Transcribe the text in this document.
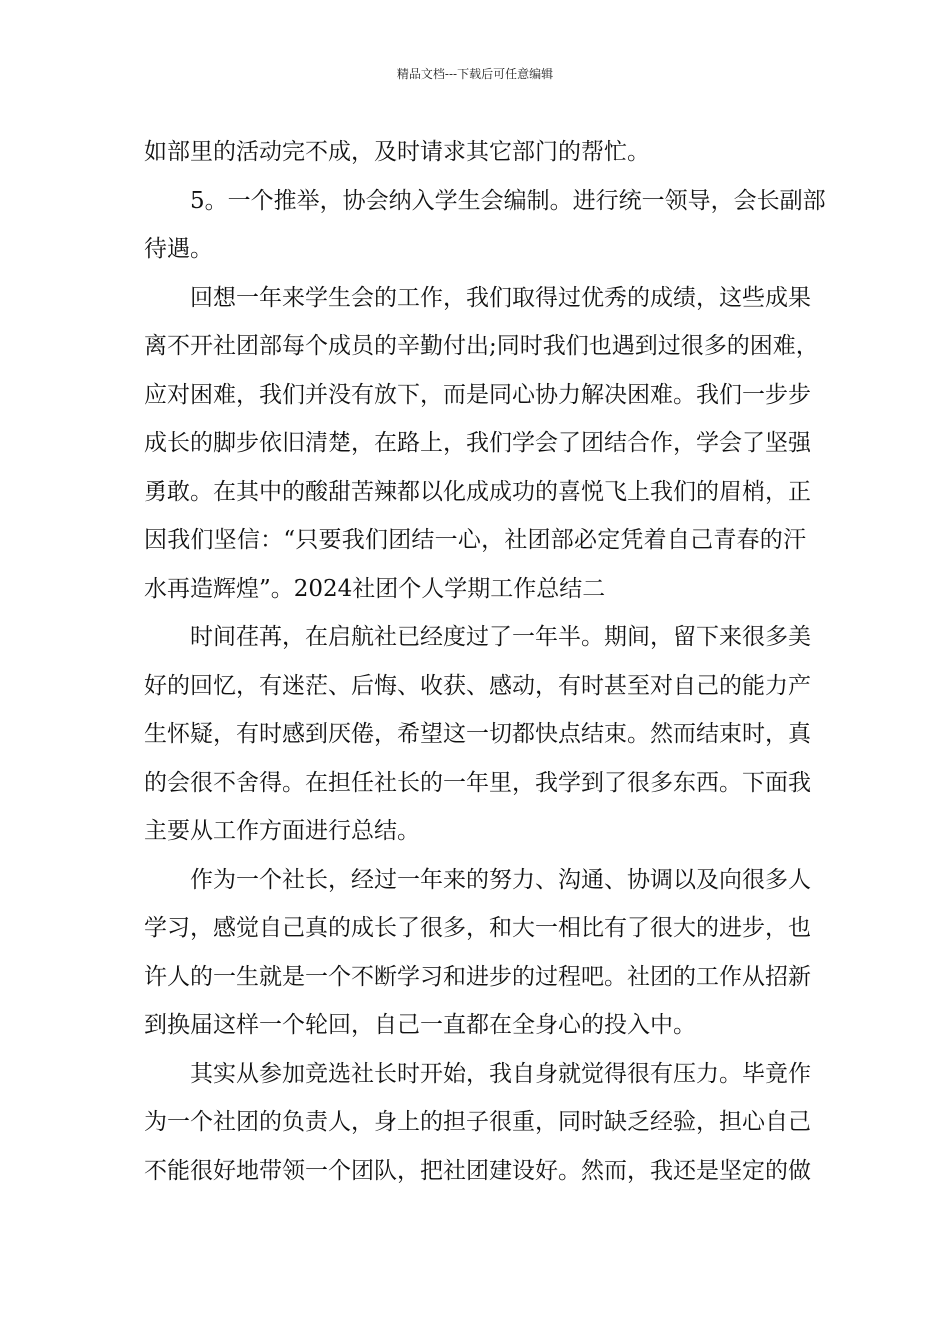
精品文档---下载后可任意编辑
如部里的活动完不成，及时请求其它部门的帮忙。
5。一个推举，协会纳入学生会编制。进行统一领导，会长副部
待遇。
回想一年来学生会的工作，我们取得过优秀的成绩，这些成果
离不开社团部每个成员的辛勤付出;同时我们也遇到过很多的困难，
应对困难，我们并没有放下，而是同心协力解决困难。我们一步步
成长的脚步依旧清楚，在路上，我们学会了团结合作，学会了坚强
勇敢。在其中的酸甜苦辣都以化成成功的喜悦飞上我们的眉梢，正
因我们坚信：“只要我们团结一心，社团部必定凭着自己青春的汗
水再造辉煌”。2024社团个人学期工作总结二
时间荏苒，在启航社已经度过了一年半。期间，留下来很多美
好的回忆，有迷茫、后悔、收获、感动，有时甚至对自己的能力产
生怀疑，有时感到厌倦，希望这一切都快点结束。然而结束时，真
的会很不舍得。在担任社长的一年里，我学到了很多东西。下面我
主要从工作方面进行总结。
作为一个社长，经过一年来的努力、沟通、协调以及向很多人
学习，感觉自己真的成长了很多，和大一相比有了很大的进步，也
许人的一生就是一个不断学习和进步的过程吧。社团的工作从招新
到换届这样一个轮回，自己一直都在全身心的投入中。
其实从参加竞选社长时开始，我自身就觉得很有压力。毕竟作
为一个社团的负责人，身上的担子很重，同时缺乏经验，担心自己
不能很好地带领一个团队，把社团建设好。然而，我还是坚定的做
